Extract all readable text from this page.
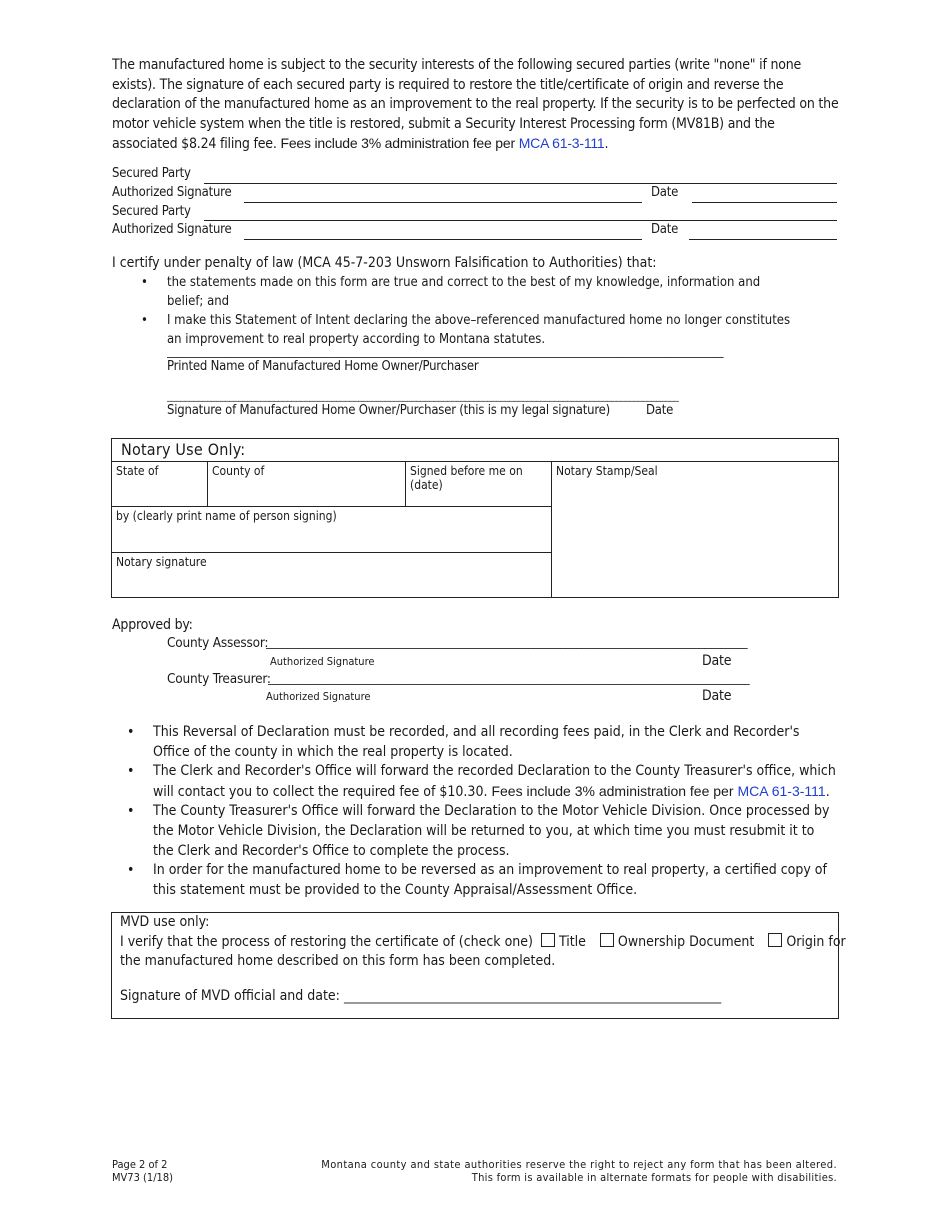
The manufactured home is subject to the security interests of the following secured parties (write "none" if none exists). The signature of each secured party is required to restore the title/certificate of origin and reverse the declaration of the manufactured home as an improvement to the real property. If the security is to be perfected on the motor vehicle system when the title is restored, submit a Security Interest Processing form (MV81B) and the associated $8.24 filing fee. Fees include 3% administration fee per MCA 61-3-111.
Secured Party
Authorized Signature	Date
Secured Party
Authorized Signature	Date
I certify under penalty of law (MCA 45-7-203 Unsworn Falsification to Authorities) that:
• the statements made on this form are true and correct to the best of my knowledge, information and belief; and
• I make this Statement of Intent declaring the above–referenced manufactured home no longer constitutes an improvement to real property according to Montana statutes.
________________________________________________________________________________________________________
Printed Name of Manufactured Home Owner/Purchaser
___________________________________________________________________________________________________________________
Signature of Manufactured Home Owner/Purchaser (this is my legal signature)	Date
Notary Use Only:
State of	County of	Signed before me on (date)
Notary Stamp/Seal
by (clearly print name of person signing)
Notary signature
Approved by:
County Assessor:
__________________________________________________________________________________________
Authorized Signature	Date
County Treasurer:
__________________________________________________________________________________________
Authorized Signature	Date
• This Reversal of Declaration must be recorded, and all recording fees paid, in the Clerk and Recorder's Office of the county in which the real property is located.
• The Clerk and Recorder's Office will forward the recorded Declaration to the County Treasurer's office, which will contact you to collect the required fee of $10.30. Fees include 3% administration fee per MCA 61-3-111.
• The County Treasurer's Office will forward the Declaration to the Motor Vehicle Division. Once processed by the Motor Vehicle Division, the Declaration will be returned to you, at which time you must resubmit it to the Clerk and Recorder's Office to complete the process.
• In order for the manufactured home to be reversed as an improvement to real property, a certified copy of this statement must be provided to the County Appraisal/Assessment Office.
MVD use only:
I verify that the process of restoring the certificate of (check one) Title Ownership Document Origin for
the manufactured home described on this form has been completed.
Signature of MVD official and date: _________________________________________________________________
Page 2 of 2
MV73 (1/18)
Montana county and state authorities reserve the right to reject any form that has been altered.
This form is available in alternate formats for people with disabilities.
